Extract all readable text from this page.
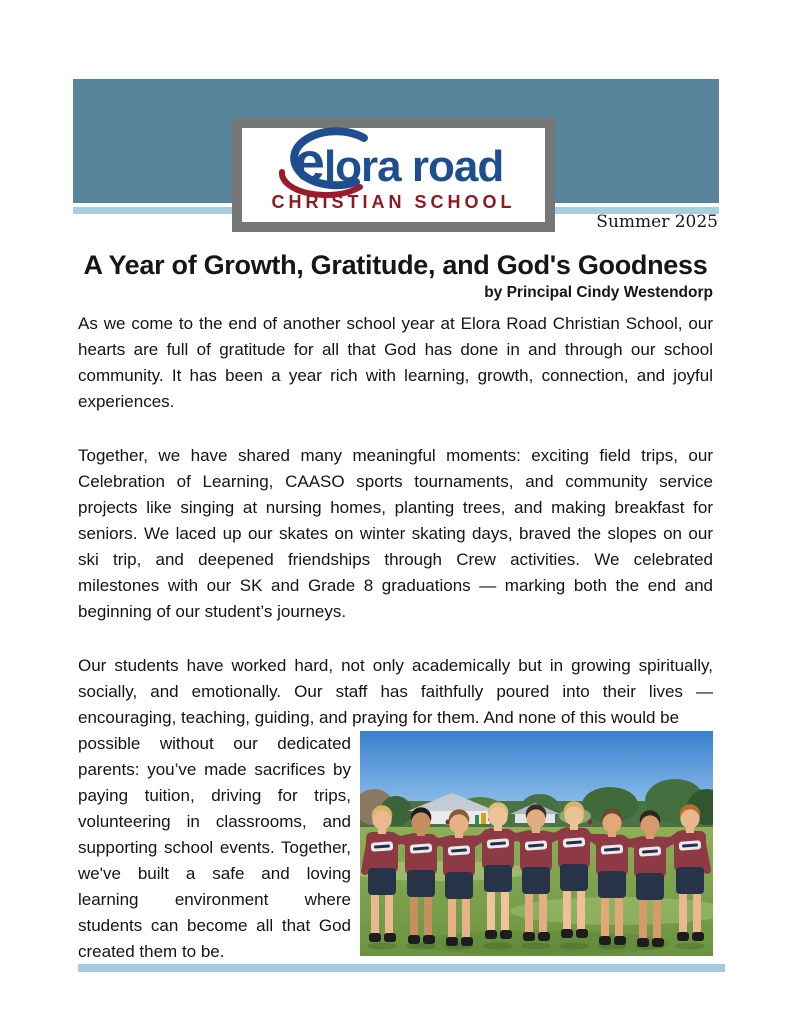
elora road
CHRISTIAN SCHOOL
Summer 2025
A Year of Growth, Gratitude, and God's Goodness
by Principal Cindy Westendorp

As we come to the end of another school year at Elora Road Christian School, our hearts are full of gratitude for all that God has done in and through our school community. It has been a year rich with learning, growth, connection, and joyful experiences.

Together, we have shared many meaningful moments: exciting field trips, our Celebration of Learning, CAASO sports tournaments, and community service projects like singing at nursing homes, planting trees, and making breakfast for seniors. We laced up our skates on winter skating days, braved the slopes on our ski trip, and deepened friendships through Crew activities. We celebrated milestones with our SK and Grade 8 graduations — marking both the end and beginning of our student’s journeys.

Our students have worked hard, not only academically but in growing spiritually, socially, and emotionally. Our staff has faithfully poured into their lives — encouraging, teaching, guiding, and praying for them. And none of this would be

possible without our dedicated parents: you’ve made sacrifices by paying tuition, driving for trips, volunteering in classrooms, and supporting school events. Together, we've built a safe and loving learning environment where students can become all that God created them to be.
